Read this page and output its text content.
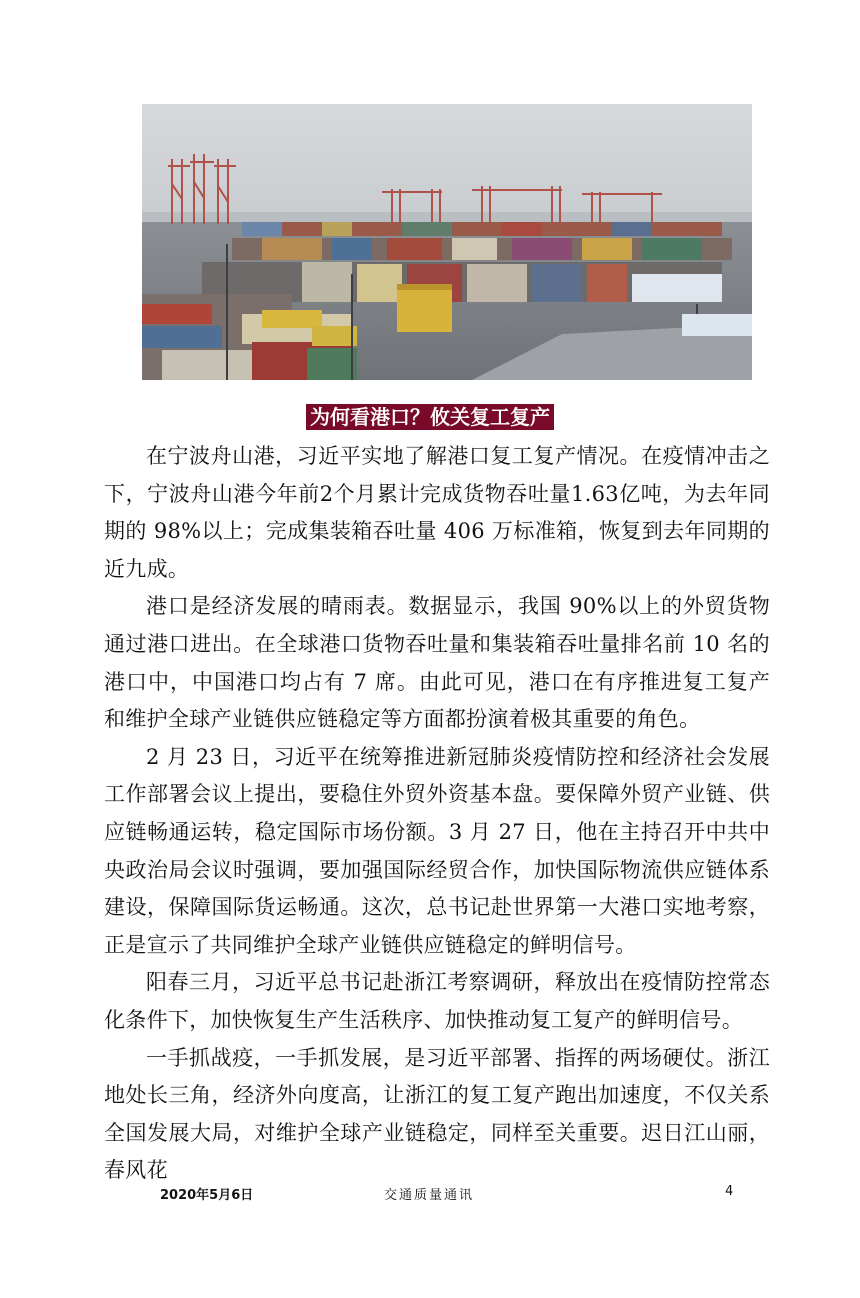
为何看港口？攸关复工复产

在宁波舟山港，习近平实地了解港口复工复产情况。在疫情冲击之下，宁波舟山港今年前2个月累计完成货物吞吐量1.63亿吨，为去年同期的 98%以上；完成集装箱吞吐量 406 万标准箱，恢复到去年同期的近九成。

港口是经济发展的晴雨表。数据显示，我国 90%以上的外贸货物通过港口进出。在全球港口货物吞吐量和集装箱吞吐量排名前 10 名的港口中，中国港口均占有 7 席。由此可见，港口在有序推进复工复产和维护全球产业链供应链稳定等方面都扮演着极其重要的角色。

2 月 23 日，习近平在统筹推进新冠肺炎疫情防控和经济社会发展工作部署会议上提出，要稳住外贸外资基本盘。要保障外贸产业链、供应链畅通运转，稳定国际市场份额。3 月 27 日，他在主持召开中共中央政治局会议时强调，要加强国际经贸合作，加快国际物流供应链体系建设，保障国际货运畅通。这次，总书记赴世界第一大港口实地考察，正是宣示了共同维护全球产业链供应链稳定的鲜明信号。

阳春三月，习近平总书记赴浙江考察调研，释放出在疫情防控常态化条件下，加快恢复生产生活秩序、加快推动复工复产的鲜明信号。

一手抓战疫，一手抓发展，是习近平部署、指挥的两场硬仗。浙江地处长三角，经济外向度高，让浙江的复工复产跑出加速度，不仅关系全国发展大局，对维护全球产业链稳定，同样至关重要。迟日江山丽，春风花

2020年5月6日	交通质量通讯	4
